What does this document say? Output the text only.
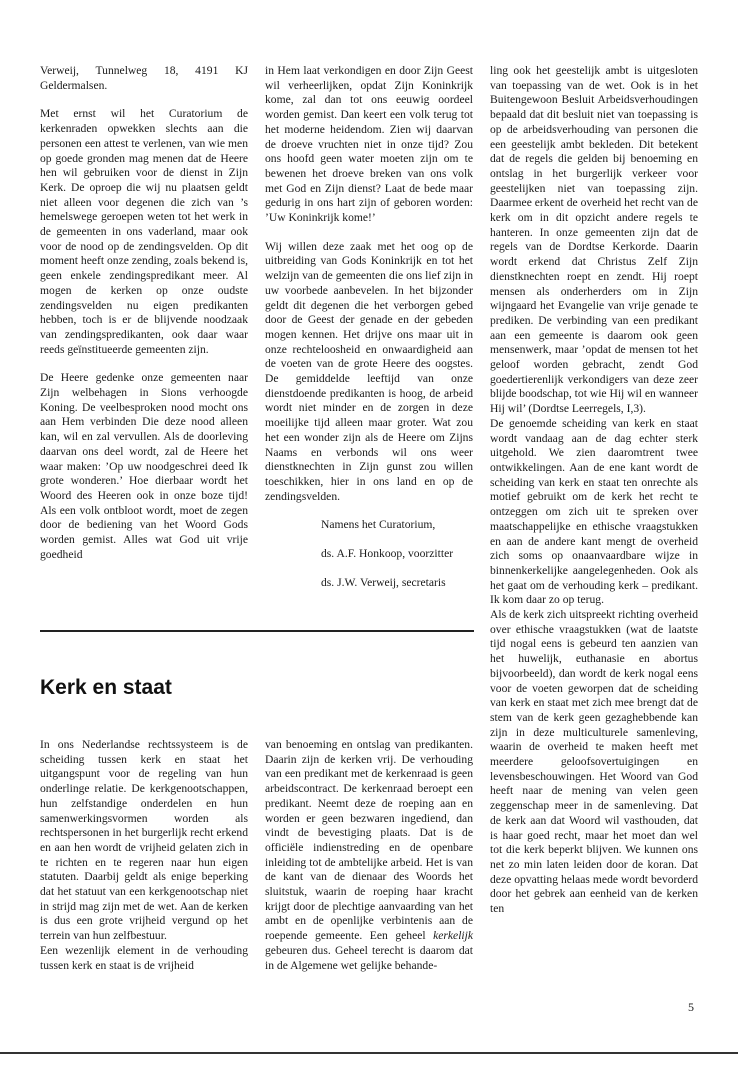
Verweij, Tunnelweg 18, 4191 KJ Geldermalsen.

Met ernst wil het Curatorium de kerkenraden opwekken slechts aan die personen een attest te verlenen, van wie men op goede gronden mag menen dat de Heere hen wil gebruiken voor de dienst in Zijn Kerk. De oproep die wij nu plaatsen geldt niet alleen voor degenen die zich van ’s hemelswege geroepen weten tot het werk in de gemeenten in ons vaderland, maar ook voor de nood op de zendingsvelden. Op dit moment heeft onze zending, zoals bekend is, geen enkele zendingspredikant meer. Al mogen de kerken op onze oudste zendingsvelden nu eigen predikanten hebben, toch is er de blijvende noodzaak van zendingspredikanten, ook daar waar reeds geïnstitueerde gemeenten zijn.

De Heere gedenke onze gemeenten naar Zijn welbehagen in Sions verhoogde Koning. De veelbesproken nood mocht ons aan Hem verbinden Die deze nood alleen kan, wil en zal vervullen. Als de doorleving daarvan ons deel wordt, zal de Heere het waar maken: ’Op uw noodgeschrei deed Ik grote wonderen.’ Hoe dierbaar wordt het Woord des Heeren ook in onze boze tijd! Als een volk ontbloot wordt, moet de zegen door de bediening van het Woord Gods worden gemist. Alles wat God uit vrije goedheid

in Hem laat verkondigen en door Zijn Geest wil verheerlijken, opdat Zijn Koninkrijk kome, zal dan tot ons eeuwig oordeel worden gemist. Dan keert een volk terug tot het moderne heidendom. Zien wij daarvan de droeve vruchten niet in onze tijd? Zou ons hoofd geen water moeten zijn om te bewenen het droeve breken van ons volk met God en Zijn dienst? Laat de bede maar gedurig in ons hart zijn of geboren worden: ’Uw Koninkrijk kome!’

Wij willen deze zaak met het oog op de uitbreiding van Gods Koninkrijk en tot het welzijn van de gemeenten die ons lief zijn in uw voorbede aanbevelen. In het bijzonder geldt dit degenen die het verborgen gebed door de Geest der genade en der gebeden mogen kennen. Het drijve ons maar uit in onze rechteloosheid en onwaardigheid aan de voeten van de grote Heere des oogstes. De gemiddelde leeftijd van onze dienstdoende predikanten is hoog, de arbeid wordt niet minder en de zorgen in deze moeilijke tijd alleen maar groter. Wat zou het een wonder zijn als de Heere om Zijns Naams en verbonds wil ons weer dienstknechten in Zijn gunst zou willen toeschikken, hier in ons land en op de zendingsvelden.

Namens het Curatorium,

ds. A.F. Honkoop, voorzitter

ds. J.W. Verweij, secretaris

ling ook het geestelijk ambt is uitgesloten van toepassing van de wet. Ook is in het Buitengewoon Besluit Arbeidsverhoudingen bepaald dat dit besluit niet van toepassing is op de arbeidsverhouding van personen die een geestelijk ambt bekleden. Dit betekent dat de regels die gelden bij benoeming en ontslag in het burgerlijk verkeer voor geestelijken niet van toepassing zijn. Daarmee erkent de overheid het recht van de kerk om in dit opzicht andere regels te hanteren. In onze gemeenten zijn dat de regels van de Dordtse Kerkorde. Daarin wordt erkend dat Christus Zelf Zijn dienstknechten roept en zendt. Hij roept mensen als onderherders om in Zijn wijngaard het Evangelie van vrije genade te prediken. De verbinding van een predikant aan een gemeente is daarom ook geen mensenwerk, maar ’opdat de mensen tot het geloof worden gebracht, zendt God goedertierenlijk verkondigers van deze zeer blijde boodschap, tot wie Hij wil en wanneer Hij wil’ (Dordtse Leerregels, I,3).

De genoemde scheiding van kerk en staat wordt vandaag aan de dag echter sterk uitgehold. We zien daaromtrent twee ontwikkelingen. Aan de ene kant wordt de scheiding van kerk en staat ten onrechte als motief gebruikt om de kerk het recht te ontzeggen om zich uit te spreken over maatschappelijke en ethische vraagstukken en aan de andere kant mengt de overheid zich soms op onaanvaardbare wijze in binnenkerkelijke aangelegenheden. Ook als het gaat om de verhouding kerk – predikant. Ik kom daar zo op terug.

Als de kerk zich uitspreekt richting overheid over ethische vraagstukken (wat de laatste tijd nogal eens is gebeurd ten aanzien van het huwelijk, euthanasie en abortus bijvoorbeeld), dan wordt de kerk nogal eens voor de voeten geworpen dat de scheiding van kerk en staat met zich mee brengt dat de stem van de kerk geen gezaghebbende kan zijn in deze multiculturele samenleving, waarin de overheid te maken heeft met meerdere geloofsovertuigingen en levensbeschouwingen. Het Woord van God heeft naar de mening van velen geen zeggenschap meer in de samenleving. Dat de kerk aan dat Woord wil vasthouden, dat is haar goed recht, maar het moet dan wel tot die kerk beperkt blijven. We kunnen ons net zo min laten leiden door de koran. Dat deze opvatting helaas mede wordt bevorderd door het gebrek aan eenheid van de kerken ten

Kerk en staat

In ons Nederlandse rechtssysteem is de scheiding tussen kerk en staat het uitgangspunt voor de regeling van hun onderlinge relatie. De kerkgenootschappen, hun zelfstandige onderdelen en hun samenwerkingsvormen worden als rechtspersonen in het burgerlijk recht erkend en aan hen wordt de vrijheid gelaten zich in te richten en te regeren naar hun eigen statuten. Daarbij geldt als enige beperking dat het statuut van een kerkgenootschap niet in strijd mag zijn met de wet. Aan de kerken is dus een grote vrijheid vergund op het terrein van hun zelfbestuur.

Een wezenlijk element in de verhouding tussen kerk en staat is de vrijheid

van benoeming en ontslag van predikanten. Daarin zijn de kerken vrij. De verhouding van een predikant met de kerkenraad is geen arbeidscontract. De kerkenraad beroept een predikant. Neemt deze de roeping aan en worden er geen bezwaren ingediend, dan vindt de bevestiging plaats. Dat is de officiële indienstreding en de openbare inleiding tot de ambtelijke arbeid. Het is van de kant van de dienaar des Woords het sluitstuk, waarin de roeping haar kracht krijgt door de plechtige aanvaarding van het ambt en de openlijke verbintenis aan de roepende gemeente. Een geheel kerkelijk gebeuren dus. Geheel terecht is daarom dat in de Algemene wet gelijke behande-

5
